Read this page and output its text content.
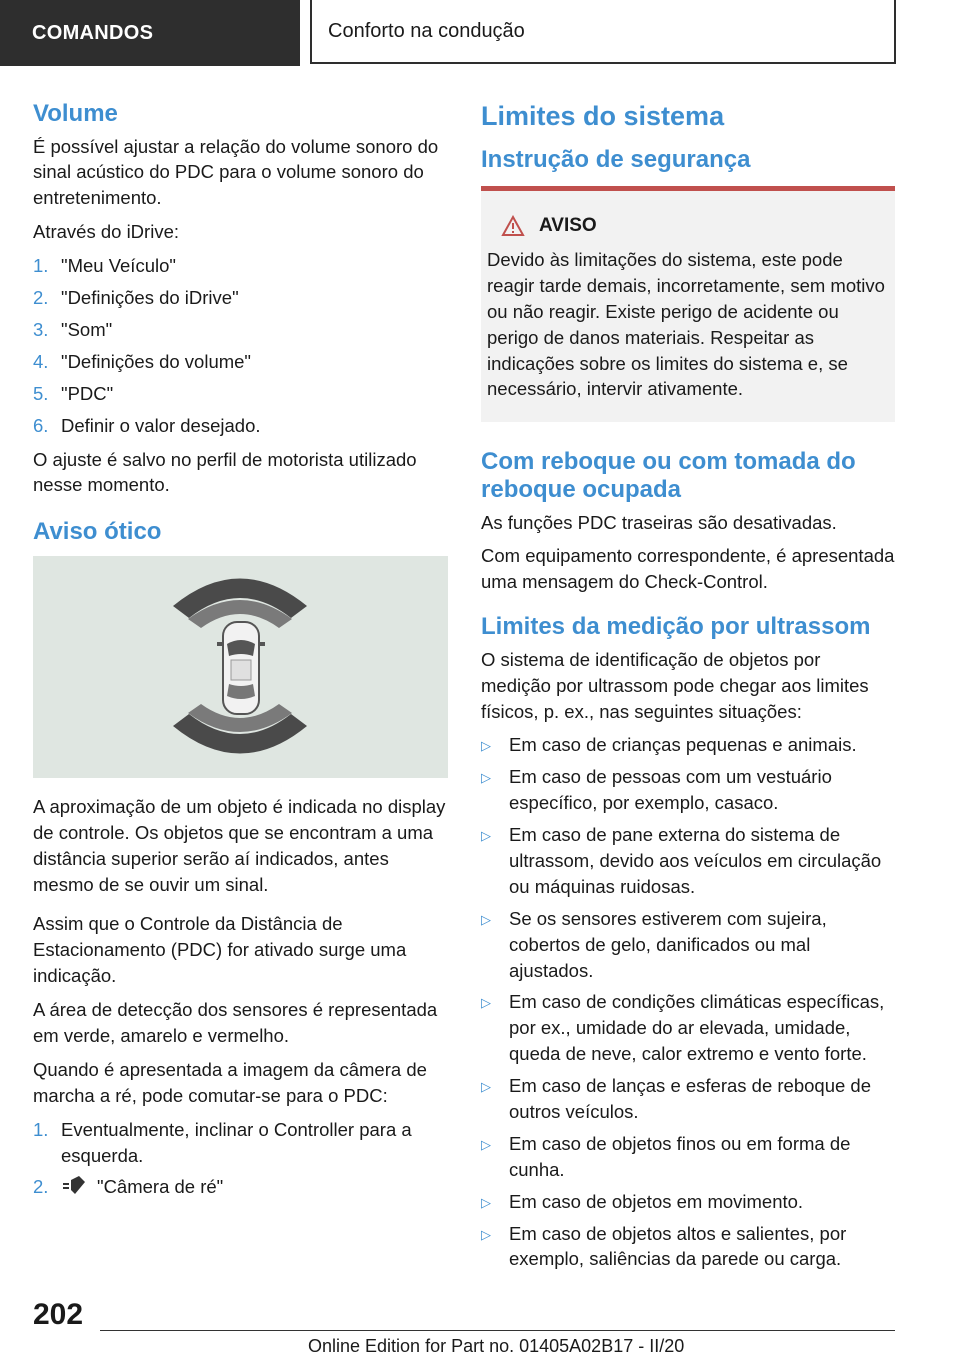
COMANDOS	Conforto na condução
Volume

É possível ajustar a relação do volume sonoro do sinal acústico do PDC para o volume sonoro do entretenimento.

Através do iDrive:

1. "Meu Veículo"
2. "Definições do iDrive"
3. "Som"
4. "Definições do volume"
5. "PDC"
6. Definir o valor desejado.

O ajuste é salvo no perfil de motorista utilizado nesse momento.

Aviso ótico

A aproximação de um objeto é indicada no display de controle. Os objetos que se encontram a uma distância superior serão aí indicados, antes mesmo de se ouvir um sinal.

Assim que o Controle da Distância de Estacionamento (PDC) for ativado surge uma indicação.

A área de detecção dos sensores é representada em verde, amarelo e vermelho.

Quando é apresentada a imagem da câmera de marcha a ré, pode comutar-se para o PDC:

1. Eventualmente, inclinar o Controller para a esquerda.
2.	"Câmera de ré"
Limites do sistema
Instrução de segurança
AVISO

Devido às limitações do sistema, este pode reagir tarde demais, incorretamente, sem motivo ou não reagir. Existe perigo de acidente ou perigo de danos materiais. Respeitar as indicações sobre os limites do sistema e, se necessário, intervir ativamente.

Com reboque ou com tomada do reboque ocupada

As funções PDC traseiras são desativadas.

Com equipamento correspondente, é apresentada uma mensagem do Check-Control.

Limites da medição por ultrassom

O sistema de identificação de objetos por medição por ultrassom pode chegar aos limites físicos, p. ex., nas seguintes situações:

▷ Em caso de crianças pequenas e animais.
▷ Em caso de pessoas com um vestuário específico, por exemplo, casaco.
▷ Em caso de pane externa do sistema de ultrassom, devido aos veículos em circulação ou máquinas ruidosas.
▷ Se os sensores estiverem com sujeira, cobertos de gelo, danificados ou mal ajustados.
▷ Em caso de condições climáticas específicas, por ex., umidade do ar elevada, umidade, queda de neve, calor extremo e vento forte.
▷ Em caso de lanças e esferas de reboque de outros veículos.
▷ Em caso de objetos finos ou em forma de cunha.
▷ Em caso de objetos em movimento.
▷ Em caso de objetos altos e salientes, por exemplo, saliências da parede ou carga.
202
Online Edition for Part no. 01405A02B17 - II/20
